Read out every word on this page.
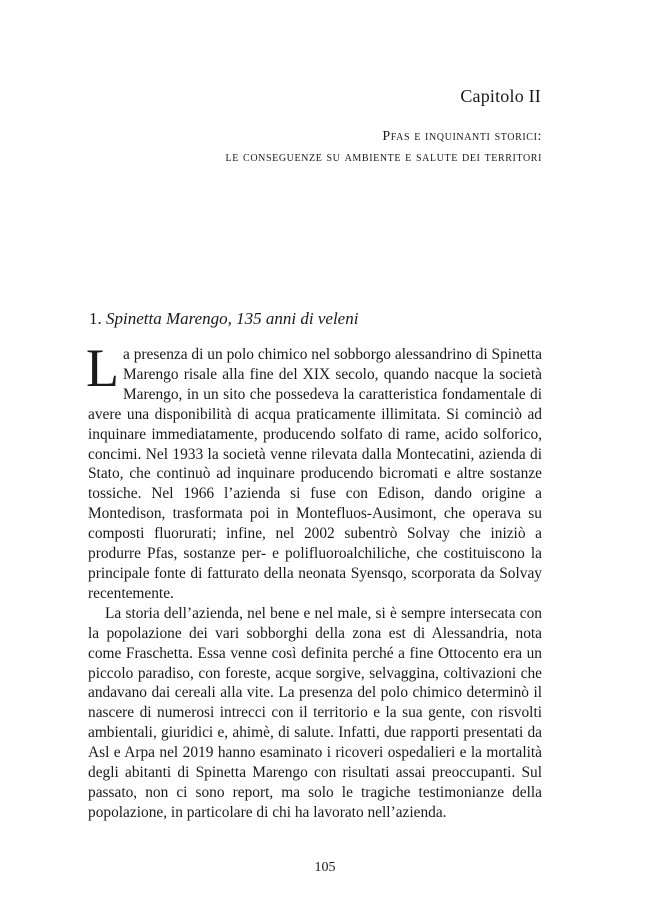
Capitolo II
Pfas e inquinanti storici:
le conseguenze su ambiente e salute dei territori
1. Spinetta Marengo, 135 anni di veleni

La presenza di un polo chimico nel sobborgo alessandrino di Spinetta Marengo risale alla fine del XIX secolo, quando nacque la società Marengo, in un sito che possedeva la caratteristica fondamentale di avere una disponibilità di acqua praticamente illimitata. Si cominciò ad inquinare immediatamente, producendo solfato di rame, acido solforico, concimi. Nel 1933 la società venne rilevata dalla Montecatini, azienda di Stato, che continuò ad inquinare producendo bicromati e altre sostanze tossiche. Nel 1966 l’azienda si fuse con Edison, dando origine a Montedison, trasformata poi in Montefluos-Ausimont, che operava su composti fluorurati; infine, nel 2002 subentrò Solvay che iniziò a produrre Pfas, sostanze per- e polifluoroalchiliche, che costituiscono la principale fonte di fatturato della neonata Syensqo, scorporata da Solvay recentemente.

La storia dell’azienda, nel bene e nel male, si è sempre intersecata con la popolazione dei vari sobborghi della zona est di Alessandria, nota come Fraschetta. Essa venne così definita perché a fine Ottocento era un piccolo paradiso, con foreste, acque sorgive, selvaggina, coltivazioni che andavano dai cereali alla vite. La presenza del polo chimico determinò il nascere di numerosi intrecci con il territorio e la sua gente, con risvolti ambientali, giuridici e, ahimè, di salute. Infatti, due rapporti presentati da Asl e Arpa nel 2019 hanno esaminato i ricoveri ospedalieri e la mortalità degli abitanti di Spinetta Marengo con risultati assai preoccupanti. Sul passato, non ci sono report, ma solo le tragiche testimonianze della popolazione, in particolare di chi ha lavorato nell’azienda.

105
